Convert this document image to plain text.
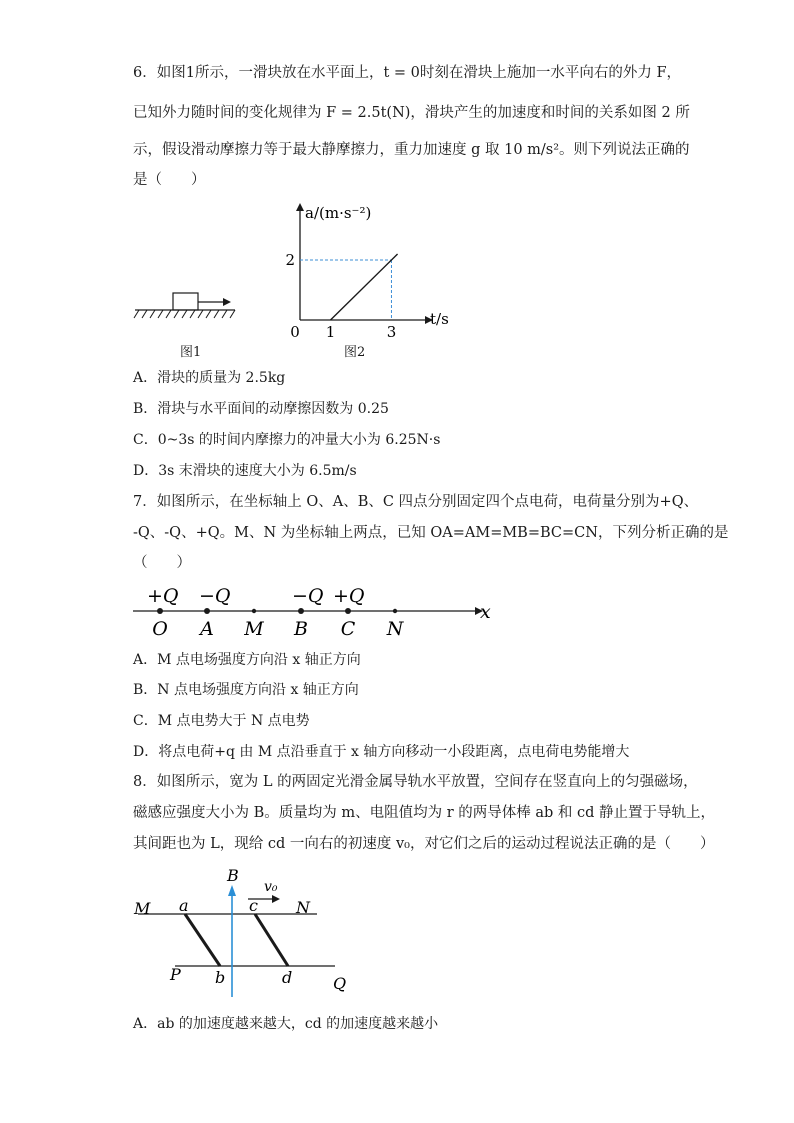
6．如图1所示，一滑块放在水平面上，t = 0时刻在滑块上施加一水平向右的外力 F，
已知外力随时间的变化规律为 F = 2.5t(N)，滑块产生的加速度和时间的关系如图 2 所
示，假设滑动摩擦力等于最大静摩擦力，重力加速度 g 取 10 m/s²。则下列说法正确的
是（　　）
图1
0 1	3
2
a/(m·s⁻²)
t/s
图2
A．滑块的质量为 2.5kg
B．滑块与水平面间的动摩擦因数为 0.25
C．0~3s 的时间内摩擦力的冲量大小为 6.25N·s
D．3s 末滑块的速度大小为 6.5m/s
7．如图所示，在坐标轴上 O、A、B、C 四点分别固定四个点电荷，电荷量分别为+Q、
-Q、-Q、+Q。M、N 为坐标轴上两点，已知 OA=AM=MB=BC=CN，下列分析正确的是
（　　）
x
+Q −Q	−Q +Q
O A M B C N
A．M 点电场强度方向沿 x 轴正方向
B．N 点电场强度方向沿 x 轴正方向
C．M 点电势大于 N 点电势
D．将点电荷+q 由 M 点沿垂直于 x 轴方向移动一小段距离，点电荷电势能增大
8．如图所示，宽为 L 的两固定光滑金属导轨水平放置，空间存在竖直向上的匀强磁场，
磁感应强度大小为 B。质量均为 m、电阻值均为 r 的两导体棒 ab 和 cd 静止置于导轨上，
其间距也为 L，现给 cd 一向右的初速度 v₀，对它们之后的运动过程说法正确的是（　　）
M	N
P	Q
a
b
c
d
B
v₀
A．ab 的加速度越来越大，cd 的加速度越来越小
